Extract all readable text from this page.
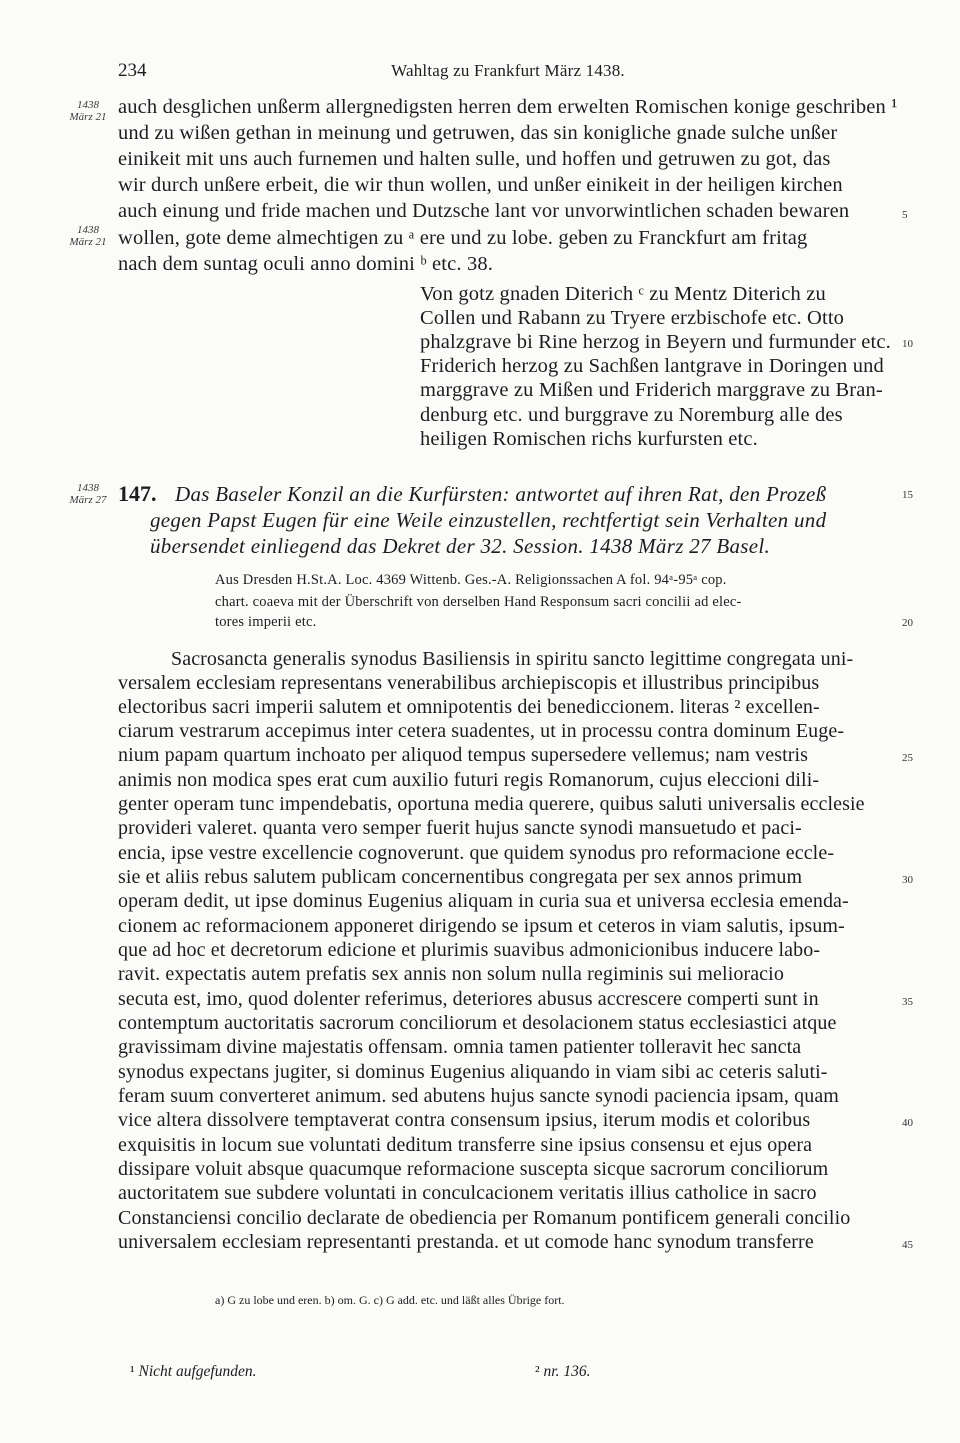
234	Wahltag zu Frankfurt März 1438.
1438
März 21
1438
März 21
1438
März 27
auch desglichen unßerm allergnedigsten herren dem erwelten Romischen konige geschriben ¹
und zu wißen gethan in meinung und getruwen, das sin konigliche gnade sulche unßer
einikeit mit uns auch furnemen und halten sulle, und hoffen und getruwen zu got, das
wir durch unßere erbeit, die wir thun wollen, und unßer einikeit in der heiligen kirchen
auch einung und fride machen und Dutzsche lant vor unvorwintlichen schaden bewaren
wollen, gote deme almechtigen zu ᵃ ere und zu lobe. geben zu Franckfurt am fritag
nach dem suntag oculi anno domini ᵇ etc. 38.
Von gotz gnaden Diterich ᶜ zu Mentz Diterich zu
Collen und Rabann zu Tryere erzbischofe etc. Otto
phalzgrave bi Rine herzog in Beyern und furmunder etc.
Friderich herzog zu Sachßen lantgrave in Doringen und
marggrave zu Mißen und Friderich marggrave zu Bran-
denburg etc. und burggrave zu Noremburg alle des
heiligen Romischen richs kurfursten etc.
147. Das Baseler Konzil an die Kurfürsten: antwortet auf ihren Rat, den Prozeß
gegen Papst Eugen für eine Weile einzustellen, rechtfertigt sein Verhalten und
übersendet einliegend das Dekret der 32. Session. 1438 März 27 Basel.
Aus Dresden H.St.A. Loc. 4369 Wittenb. Ges.-A. Religionssachen A fol. 94ᵃ-95ᵃ cop.
chart. coaeva mit der Überschrift von derselben Hand Responsum sacri concilii ad elec-
tores imperii etc.
Sacrosancta generalis synodus Basiliensis in spiritu sancto legittime congregata uni-
versalem ecclesiam representans venerabilibus archiepiscopis et illustribus principibus
electoribus sacri imperii salutem et omnipotentis dei benediccionem. literas ² excellen-
ciarum vestrarum accepimus inter cetera suadentes, ut in processu contra dominum Euge-
nium papam quartum inchoato per aliquod tempus supersedere vellemus; nam vestris
animis non modica spes erat cum auxilio futuri regis Romanorum, cujus eleccioni dili-
genter operam tunc impendebatis, oportuna media querere, quibus saluti universalis ecclesie
provideri valeret. quanta vero semper fuerit hujus sancte synodi mansuetudo et paci-
encia, ipse vestre excellencie cognoverunt. que quidem synodus pro reformacione eccle-
sie et aliis rebus salutem publicam concernentibus congregata per sex annos primum
operam dedit, ut ipse dominus Eugenius aliquam in curia sua et universa ecclesia emenda-
cionem ac reformacionem apponeret dirigendo se ipsum et ceteros in viam salutis, ipsum-
que ad hoc et decretorum edicione et plurimis suavibus admonicionibus inducere labo-
ravit. expectatis autem prefatis sex annis non solum nulla regiminis sui melioracio
secuta est, imo, quod dolenter referimus, deteriores abusus accrescere comperti sunt in
contemptum auctoritatis sacrorum conciliorum et desolacionem status ecclesiastici atque
gravissimam divine majestatis offensam. omnia tamen patienter tolleravit hec sancta
synodus expectans jugiter, si dominus Eugenius aliquando in viam sibi ac ceteris saluti-
feram suum converteret animum. sed abutens hujus sancte synodi paciencia ipsam, quam
vice altera dissolvere temptaverat contra consensum ipsius, iterum modis et coloribus
exquisitis in locum sue voluntati deditum transferre sine ipsius consensu et ejus opera
dissipare voluit absque quacumque reformacione suscepta sicque sacrorum conciliorum
auctoritatem sue subdere voluntati in conculcacionem veritatis illius catholice in sacro
Constanciensi concilio declarate de obediencia per Romanum pontificem generali concilio
universalem ecclesiam representanti prestanda. et ut comode hanc synodum transferre
5
10
15
20
25
30
35
40
45
a) G zu lobe und eren. b) om. G. c) G add. etc. und läßt alles Übrige fort.
¹ Nicht aufgefunden.	² nr. 136.
